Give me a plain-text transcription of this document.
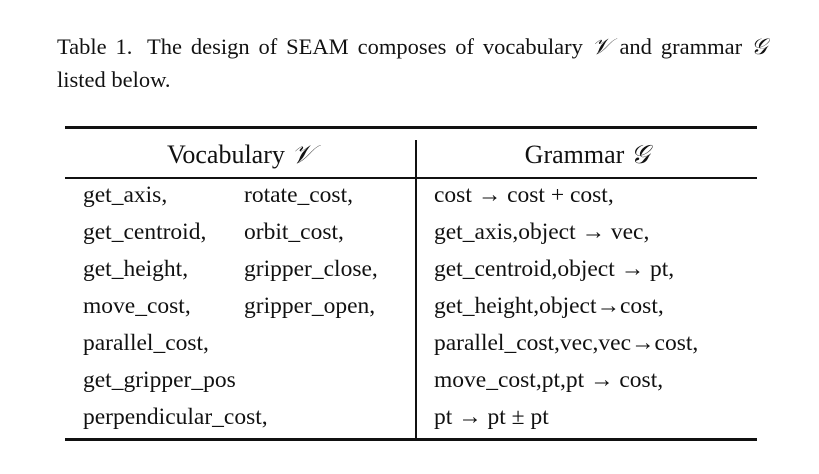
Table 1. The design of SEAM composes of vocabulary 𝒱 and grammar 𝒢 listed below.
Vocabulary 𝒱	Grammar 𝒢
get_axis,
get_centroid,
get_height,
move_cost,
parallel_cost,
get_gripper_pos
perpendicular_cost,
rotate_cost,
orbit_cost,
gripper_close,
gripper_open,
cost → cost + cost,
get_axis,object → vec,
get_centroid,object → pt,
get_height,object→cost,
parallel_cost,vec,vec→cost,
move_cost,pt,pt → cost,
pt → pt ± pt
